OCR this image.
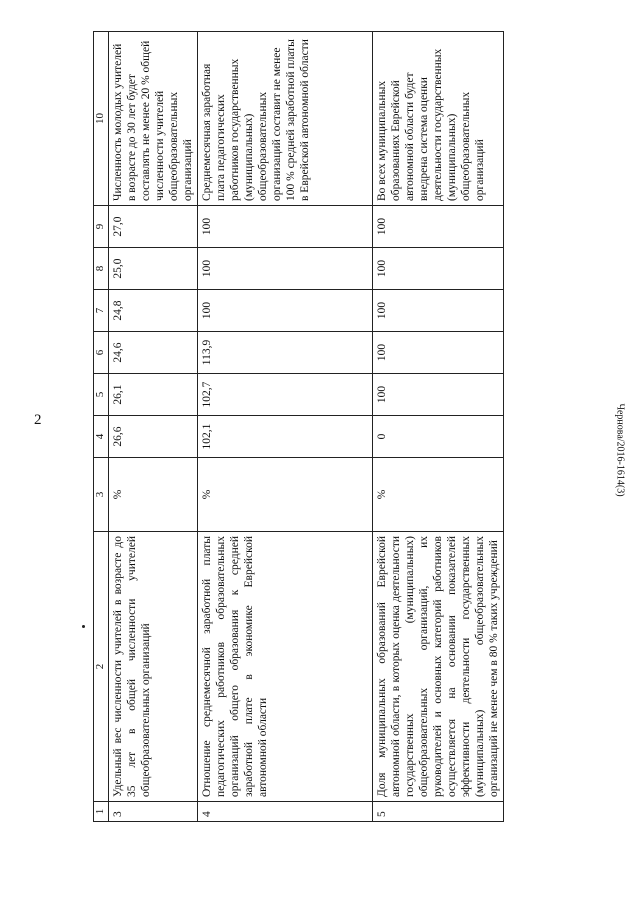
2	Чернова/2016-1614(3)
1	2	3	4	5	6	7	8	9	10
3	Удельный вес численности учителей в возрасте до 35 лет в общей численности учителей общеобразовательных организаций	%	26,6	26,1	24,6	24,8	25,0	27,0	Численность молодых учителей в возрасте до 30 лет будет составлять не менее 20 % общей численности учителей общеобразовательных организаций
4	Отношение среднемесячной заработной платы педагогических работников образовательных организаций общего образования к средней заработной плате в экономике Еврейской автономной области	%	102,1	102,7	113,9	100	100	100	Среднемесячная заработная плата педагогических работников государственных (муниципальных) общеобразовательных организаций составит не менее 100 % средней заработной платы в Еврейской автономной области
5	Доля муниципальных образований Еврейской автономной области, в которых оценка деятельности государственных (муниципальных) общеобразовательных организаций, их руководителей и основных категорий работников осуществляется на основании показателей эффективности деятельности государственных (муниципальных) общеобразовательных организаций не менее чем в 80 % таких учреждений	%	0	100	100	100	100	100	Во всех муниципальных образованиях Еврейской автономной области будет внедрена система оценки деятельности государственных (муниципальных) общеобразовательных организаций
